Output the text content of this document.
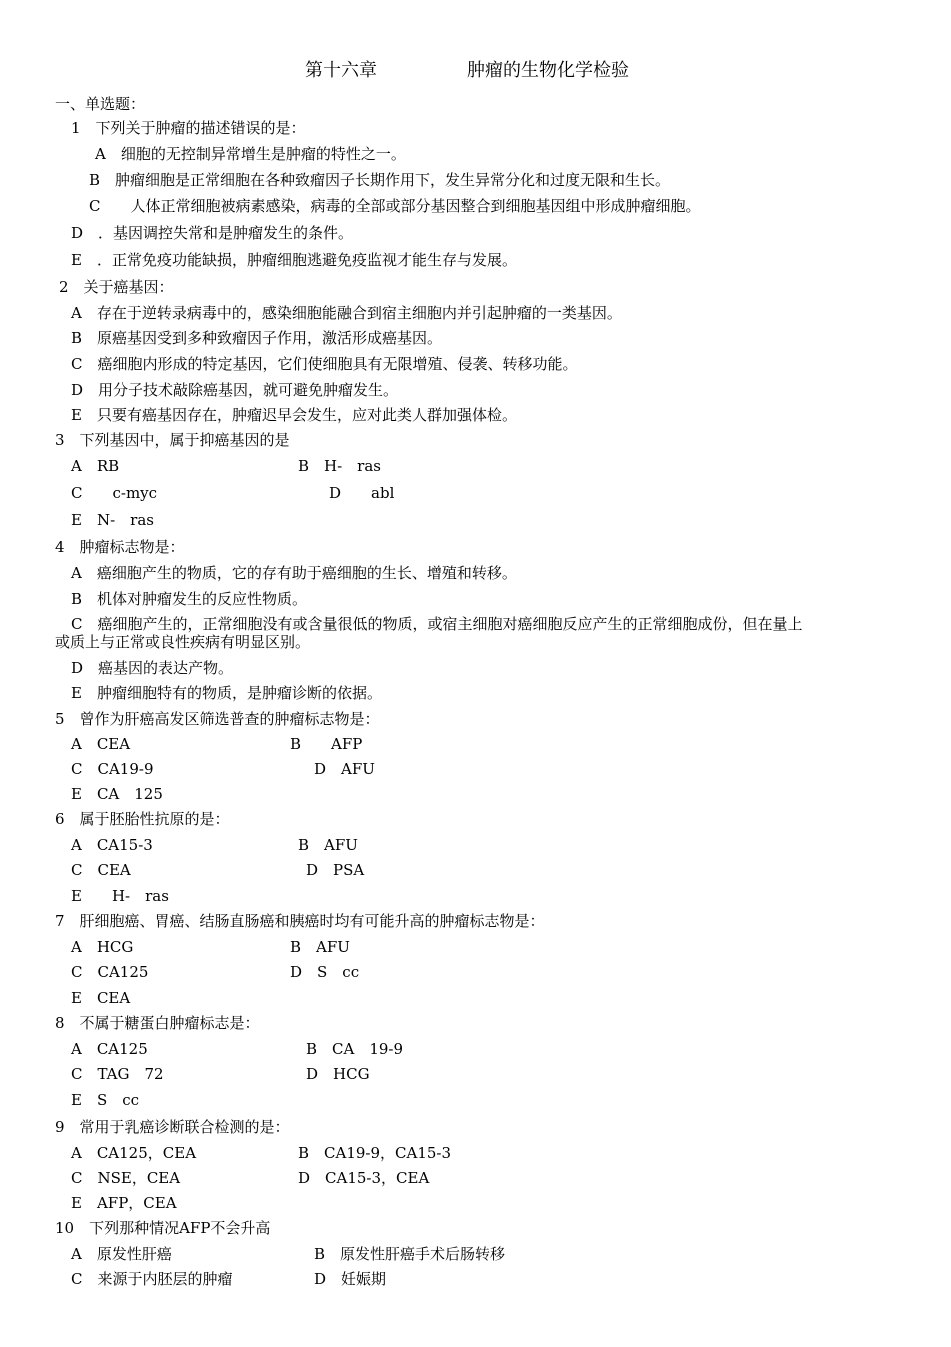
第十六章	肿瘤的生物化学检验
一、单选题：
1　下列关于肿瘤的描述错误的是：
A　细胞的无控制异常增生是肿瘤的特性之一。
B　肿瘤细胞是正常细胞在各种致瘤因子长期作用下，发生异常分化和过度无限和生长。
C　　人体正常细胞被病素感染，病毒的全部或部分基因整合到细胞基因组中形成肿瘤细胞。
D　．基因调控失常和是肿瘤发生的条件。
E　．正常免疫功能缺损，肿瘤细胞逃避免疫监视才能生存与发展。
2　关于癌基因：
A　存在于逆转录病毒中的，感染细胞能融合到宿主细胞内并引起肿瘤的一类基因。
B　原癌基因受到多种致瘤因子作用，激活形成癌基因。
C　癌细胞内形成的特定基因，它们使细胞具有无限增殖、侵袭、转移功能。
D　用分子技术敲除癌基因，就可避免肿瘤发生。
E　只要有癌基因存在，肿瘤迟早会发生，应对此类人群加强体检。
3　下列基因中，属于抑癌基因的是
A　RB	B　H-　ras
C　　c-myc	D　　abl
E　N-　ras
4　肿瘤标志物是：
A　癌细胞产生的物质，它的存有助于癌细胞的生长、增殖和转移。
B　机体对肿瘤发生的反应性物质。
C　癌细胞产生的，正常细胞没有或含量很低的物质，或宿主细胞对癌细胞反应产生的正常细胞成份，但在量上
或质上与正常或良性疾病有明显区别。
D　癌基因的表达产物。
E　肿瘤细胞特有的物质，是肿瘤诊断的依据。
5　曾作为肝癌高发区筛选普查的肿瘤标志物是：
A　CEA	B　　AFP
C　CA19-9	D　AFU
E　CA　125
6　属于胚胎性抗原的是：
A　CA15-3	B　AFU
C　CEA	D　PSA
E　　H-　ras
7　肝细胞癌、胃癌、结肠直肠癌和胰癌时均有可能升高的肿瘤标志物是：
A　HCG	B　AFU
C　CA125	D　S　cc
E　CEA
8　不属于糖蛋白肿瘤标志是：
A　CA125	B　CA　19-9
C　TAG　72	D　HCG
E　S　cc
9　常用于乳癌诊断联合检测的是：
A　CA125，CEA	B　CA19-9，CA15-3
C　NSE，CEA	D　CA15-3，CEA
E　AFP，CEA
10　下列那种情况AFP不会升高
A　原发性肝癌	B　原发性肝癌手术后肠转移
C　来源于内胚层的肿瘤	D　妊娠期
